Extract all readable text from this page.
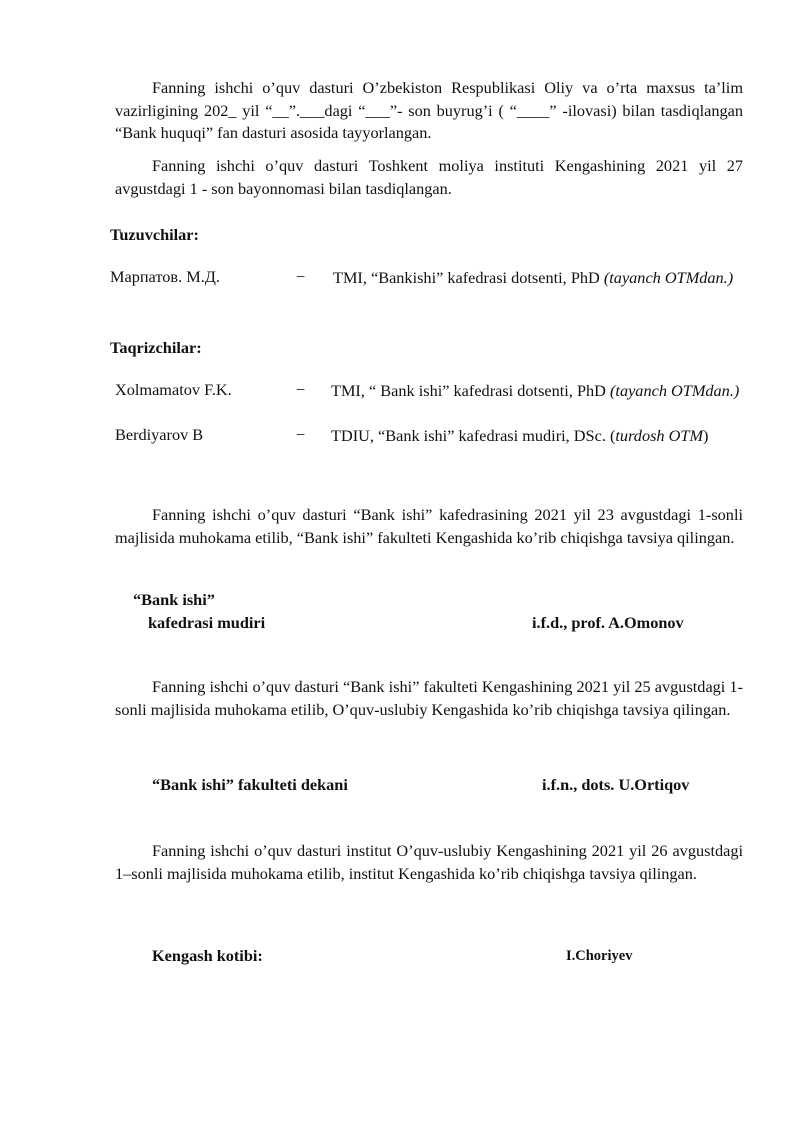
Fanning ishchi o’quv dasturi O’zbekiston Respublikasi Oliy va o’rta maxsus ta’lim vazirligining 202_ yil “__”.___dagi “___”- son buyrug’i ( “____” -ilovasi) bilan tasdiqlangan “Bank huquqi” fan dasturi asosida tayyorlangan.

Fanning ishchi o’quv dasturi Toshkent moliya instituti Kengashining 2021 yil 27 avgustdagi 1 - son bayonnomasi bilan tasdiqlangan.

Tuzuvchilar:
Марпатов. М.Д.	− TMI, “Bankishi” kafedrasi dotsenti, PhD (tayanch OTMdan.)
Taqrizchilar:
Xolmamatov F.K.	− TMI, “ Bank ishi” kafedrasi dotsenti, PhD (tayanch OTMdan.)
Berdiyarov B	− TDIU, “Bank ishi” kafedrasi mudiri, DSc. (turdosh OTM)

Fanning ishchi o’quv dasturi “Bank ishi” kafedrasining 2021 yil 23 avgustdagi 1-sonli majlisida muhokama etilib, “Bank ishi” fakulteti Kengashida ko’rib chiqishga tavsiya qilingan.

“Bank ishi”
kafedrasi mudiri	i.f.d., prof. A.Omonov

Fanning ishchi o’quv dasturi “Bank ishi” fakulteti Kengashining 2021 yil 25 avgustdagi 1-sonli majlisida muhokama etilib, O’quv-uslubiy Kengashida ko’rib chiqishga tavsiya qilingan.

“Bank ishi” fakulteti dekani	i.f.n., dots. U.Ortiqov

Fanning ishchi o’quv dasturi institut O’quv-uslubiy Kengashining 2021 yil 26 avgustdagi 1–sonli majlisida muhokama etilib, institut Kengashida ko’rib chiqishga tavsiya qilingan.

Kengash kotibi:	I.Choriyev
